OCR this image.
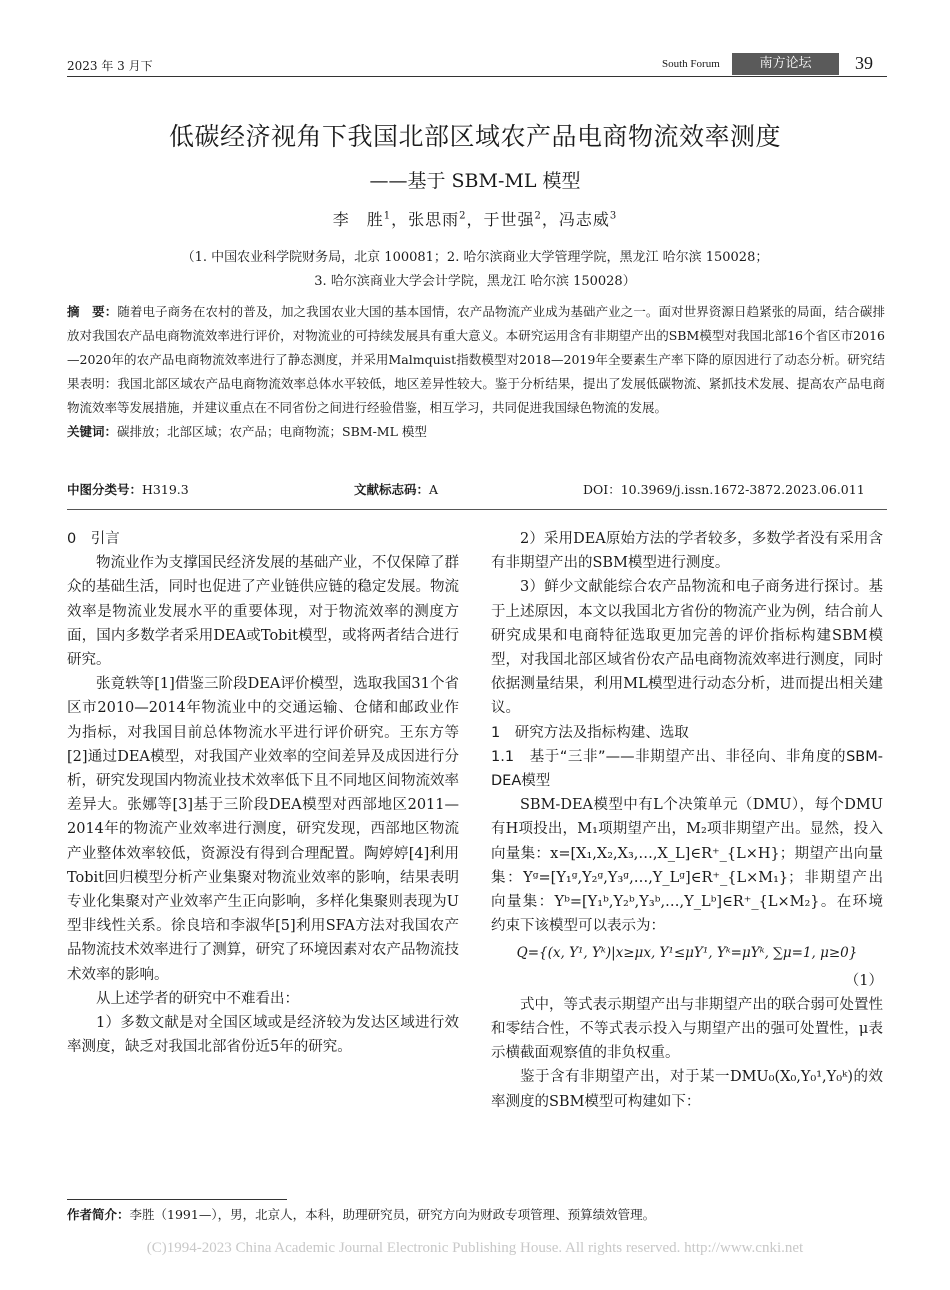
2023 年 3 月下	South Forum	南方论坛	39
低碳经济视角下我国北部区域农产品电商物流效率测度
——基于 SBM-ML 模型
李　胜$^1$，张思雨$^2$，于世强$^2$，冯志威$^3$
（1. 中国农业科学院财务局，北京 100081；2. 哈尔滨商业大学管理学院，黑龙江 哈尔滨 150028；
3. 哈尔滨商业大学会计学院，黑龙江 哈尔滨 150028）
摘　要：随着电子商务在农村的普及，加之我国农业大国的基本国情，农产品物流产业成为基础产业之一。面对世界资源日趋紧张的局面，结合碳排放对我国农产品电商物流效率进行评价，对物流业的可持续发展具有重大意义。本研究运用含有非期望产出的SBM模型对我国北部16个省区市2016—2020年的农产品电商物流效率进行了静态测度，并采用Malmquist指数模型对2018—2019年全要素生产率下降的原因进行了动态分析。研究结果表明：我国北部区域农产品电商物流效率总体水平较低，地区差异性较大。鉴于分析结果，提出了发展低碳物流、紧抓技术发展、提高农产品电商物流效率等发展措施，并建议重点在不同省份之间进行经验借鉴，相互学习，共同促进我国绿色物流的发展。
关键词：碳排放；北部区域；农产品；电商物流；SBM-ML 模型
中图分类号：H319.3	文献标志码：A	DOI：10.3969/j.issn.1672-3872.2023.06.011

0　引言

物流业作为支撑国民经济发展的基础产业，不仅保障了群众的基础生活，同时也促进了产业链供应链的稳定发展。物流效率是物流业发展水平的重要体现，对于物流效率的测度方面，国内多数学者采用DEA或Tobit模型，或将两者结合进行研究。

张竟轶等[1]借鉴三阶段DEA评价模型，选取我国31个省区市2010—2014年物流业中的交通运输、仓储和邮政业作为指标，对我国目前总体物流水平进行评价研究。王东方等[2]通过DEA模型，对我国产业效率的空间差异及成因进行分析，研究发现国内物流业技术效率低下且不同地区间物流效率差异大。张娜等[3]基于三阶段DEA模型对西部地区2011—2014年的物流产业效率进行测度，研究发现，西部地区物流产业整体效率较低，资源没有得到合理配置。陶婷婷[4]利用Tobit回归模型分析产业集聚对物流业效率的影响，结果表明专业化集聚对产业效率产生正向影响，多样化集聚则表现为U型非线性关系。徐良培和李淑华[5]利用SFA方法对我国农产品物流技术效率进行了测算，研究了环境因素对农产品物流技术效率的影响。

从上述学者的研究中不难看出：

1）多数文献是对全国区域或是经济较为发达区域进行效率测度，缺乏对我国北部省份近5年的研究。

2）采用DEA原始方法的学者较多，多数学者没有采用含有非期望产出的SBM模型进行测度。

3）鲜少文献能综合农产品物流和电子商务进行探讨。基于上述原因，本文以我国北方省份的物流产业为例，结合前人研究成果和电商特征选取更加完善的评价指标构建SBM模型，对我国北部区域省份农产品电商物流效率进行测度，同时依据测量结果，利用ML模型进行动态分析，进而提出相关建议。

1　研究方法及指标构建、选取

1.1　基于“三非”——非期望产出、非径向、非角度的SBM-DEA模型

SBM-DEA模型中有L个决策单元（DMU），每个DMU有H项投出，M₁项期望产出，M₂项非期望产出。显然，投入向量集：x=[X₁,X₂,X₃,…,X_L]∈R⁺_{L×H}；期望产出向量集：Yᵍ=[Y₁ᵍ,Y₂ᵍ,Y₃ᵍ,…,Y_Lᵍ]∈R⁺_{L×M₁}；非期望产出向量集：Yᵇ=[Y₁ᵇ,Y₂ᵇ,Y₃ᵇ,…,Y_Lᵇ]∈R⁺_{L×M₂}。在环境约束下该模型可以表示为：

Q={(x, Y¹, Yᵏ)|x≥μx, Y¹≤μY¹, Yᵏ=μYᵏ, ∑μ=1, μ≥0}

（1）

式中，等式表示期望产出与非期望产出的联合弱可处置性和零结合性，不等式表示投入与期望产出的强可处置性，μ表示横截面观察值的非负权重。

鉴于含有非期望产出，对于某一DMU₀(X₀,Y₀¹,Y₀ᵏ)的效率测度的SBM模型可构建如下：

作者简介：李胜（1991—），男，北京人，本科，助理研究员，研究方向为财政专项管理、预算绩效管理。
(C)1994-2023 China Academic Journal Electronic Publishing House. All rights reserved. http://www.cnki.net
